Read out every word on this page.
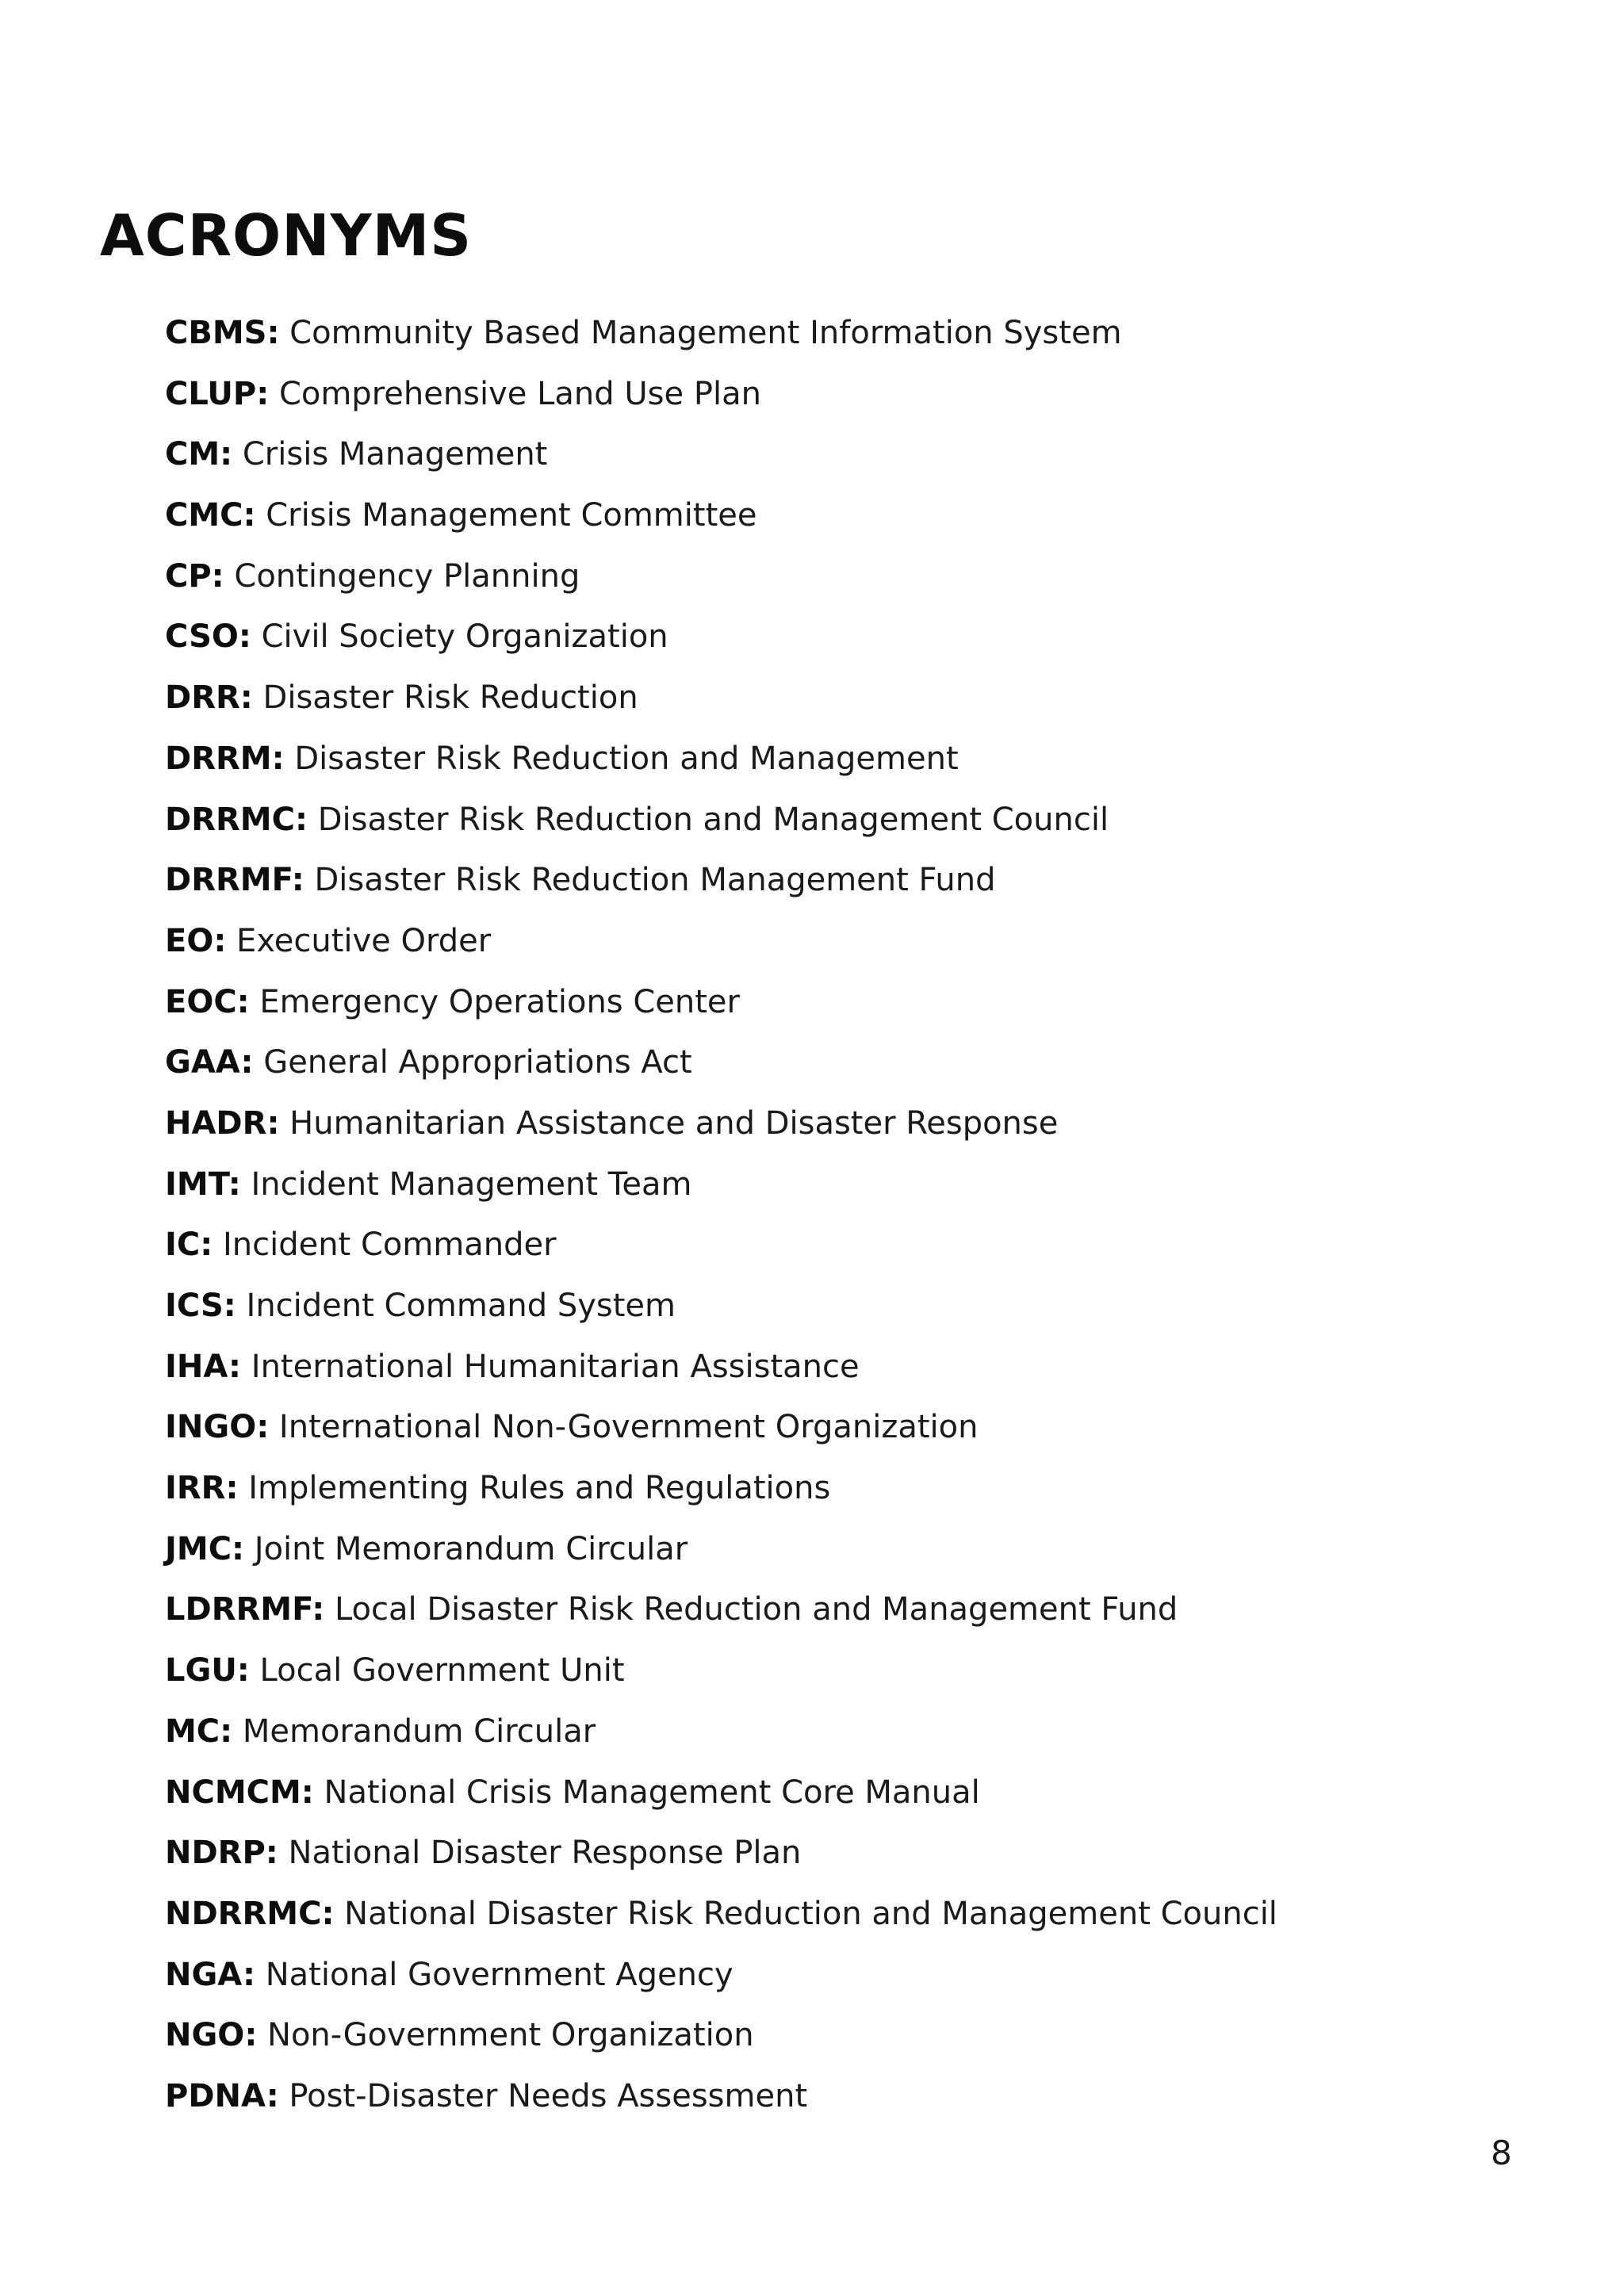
ACRONYMS
CBMS: Community Based Management Information System
CLUP: Comprehensive Land Use Plan
CM: Crisis Management
CMC: Crisis Management Committee
CP: Contingency Planning
CSO: Civil Society Organization
DRR: Disaster Risk Reduction
DRRM: Disaster Risk Reduction and Management
DRRMC: Disaster Risk Reduction and Management Council
DRRMF: Disaster Risk Reduction Management Fund
EO: Executive Order
EOC: Emergency Operations Center
GAA: General Appropriations Act
HADR: Humanitarian Assistance and Disaster Response
IMT: Incident Management Team
IC: Incident Commander
ICS: Incident Command System
IHA: International Humanitarian Assistance
INGO: International Non-Government Organization
IRR: Implementing Rules and Regulations
JMC: Joint Memorandum Circular
LDRRMF: Local Disaster Risk Reduction and Management Fund
LGU: Local Government Unit
MC: Memorandum Circular
NCMCM: National Crisis Management Core Manual
NDRP: National Disaster Response Plan
NDRRMC: National Disaster Risk Reduction and Management Council
NGA: National Government Agency
NGO: Non-Government Organization
PDNA: Post-Disaster Needs Assessment
8
